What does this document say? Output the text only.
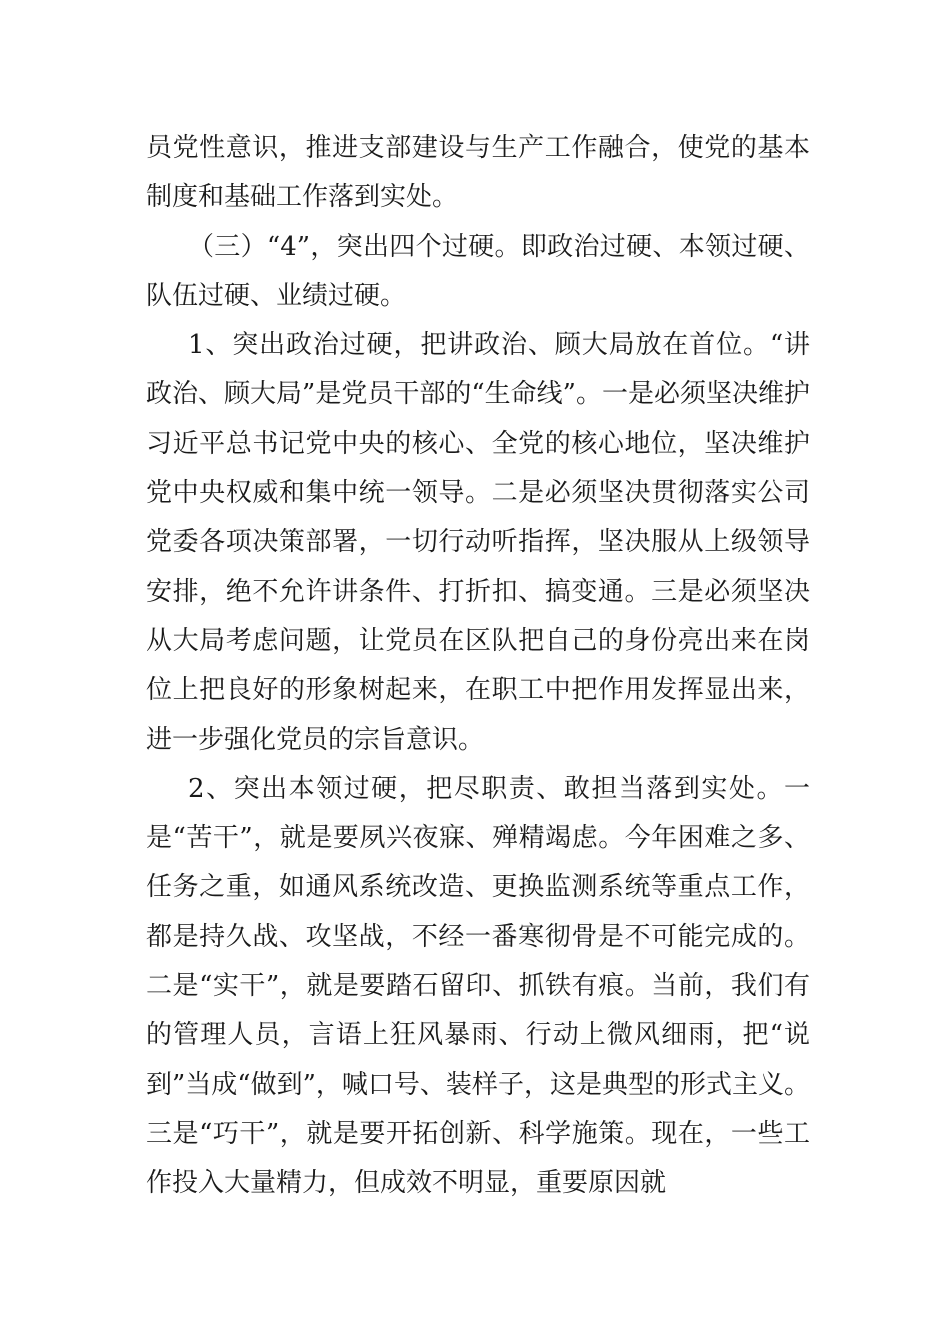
员党性意识，推进支部建设与生产工作融合，使党的基本制度和基础工作落到实处。

（三）“4”，突出四个过硬。即政治过硬、本领过硬、队伍过硬、业绩过硬。

1、突出政治过硬，把讲政治、顾大局放在首位。“讲政治、顾大局”是党员干部的“生命线”。一是必须坚决维护习近平总书记党中央的核心、全党的核心地位，坚决维护党中央权威和集中统一领导。二是必须坚决贯彻落实公司党委各项决策部署，一切行动听指挥，坚决服从上级领导安排，绝不允许讲条件、打折扣、搞变通。三是必须坚决从大局考虑问题，让党员在区队把自己的身份亮出来在岗位上把良好的形象树起来，在职工中把作用发挥显出来，进一步强化党员的宗旨意识。

2、突出本领过硬，把尽职责、敢担当落到实处。一是“苦干”，就是要夙兴夜寐、殚精竭虑。今年困难之多、任务之重，如通风系统改造、更换监测系统等重点工作，都是持久战、攻坚战，不经一番寒彻骨是不可能完成的。二是“实干”，就是要踏石留印、抓铁有痕。当前，我们有的管理人员，言语上狂风暴雨、行动上微风细雨，把“说到”当成“做到”，喊口号、装样子，这是典型的形式主义。三是“巧干”，就是要开拓创新、科学施策。现在，一些工作投入大量精力，但成效不明显，重要原因就
